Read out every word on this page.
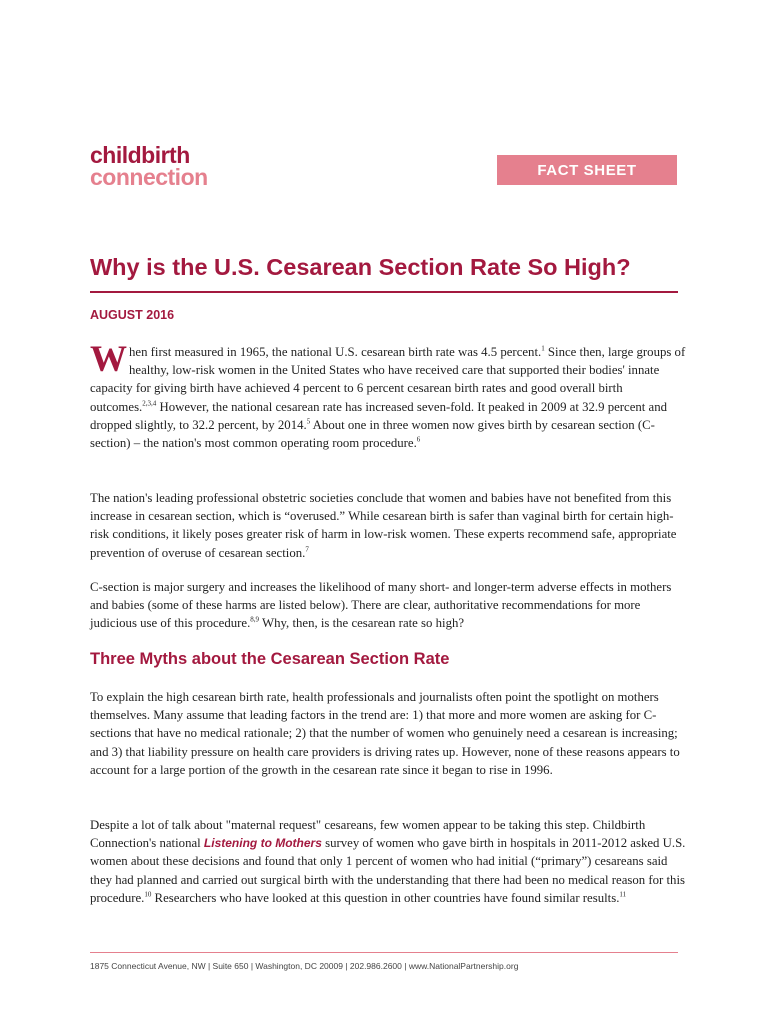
childbirth
connection	FACT SHEET
Why is the U.S. Cesarean Section Rate So High?
AUGUST 2016

When first measured in 1965, the national U.S. cesarean birth rate was 4.5 percent.$^1$ Since then, large groups of healthy, low-risk women in the United States who have received care that supported their bodies' innate capacity for giving birth have achieved 4 percent to 6 percent cesarean birth rates and good overall birth outcomes.$^{2,3,4}$ However, the national cesarean rate has increased seven-fold. It peaked in 2009 at 32.9 percent and dropped slightly, to 32.2 percent, by 2014.$^5$ About one in three women now gives birth by cesarean section (C-section) – the nation's most common operating room procedure.$^6$

The nation's leading professional obstetric societies conclude that women and babies have not benefited from this increase in cesarean section, which is “overused.” While cesarean birth is safer than vaginal birth for certain high-risk conditions, it likely poses greater risk of harm in low-risk women. These experts recommend safe, appropriate prevention of overuse of cesarean section.$^7$

C-section is major surgery and increases the likelihood of many short- and longer-term adverse effects in mothers and babies (some of these harms are listed below). There are clear, authoritative recommendations for more judicious use of this procedure.$^{8,9}$ Why, then, is the cesarean rate so high?

Three Myths about the Cesarean Section Rate

To explain the high cesarean birth rate, health professionals and journalists often point the spotlight on mothers themselves. Many assume that leading factors in the trend are: 1) that more and more women are asking for C-sections that have no medical rationale; 2) that the number of women who genuinely need a cesarean is increasing; and 3) that liability pressure on health care providers is driving rates up. However, none of these reasons appears to account for a large portion of the growth in the cesarean rate since it began to rise in 1996.

Despite a lot of talk about "maternal request" cesareans, few women appear to be taking this step. Childbirth Connection's national Listening to Mothers survey of women who gave birth in hospitals in 2011-2012 asked U.S. women about these decisions and found that only 1 percent of women who had initial (“primary”) cesareans said they had planned and carried out surgical birth with the understanding that there had been no medical reason for this procedure.$^{10}$ Researchers who have looked at this question in other countries have found similar results.$^{11}$

1875 Connecticut Avenue, NW | Suite 650 | Washington, DC 20009 | 202.986.2600 | www.NationalPartnership.org
